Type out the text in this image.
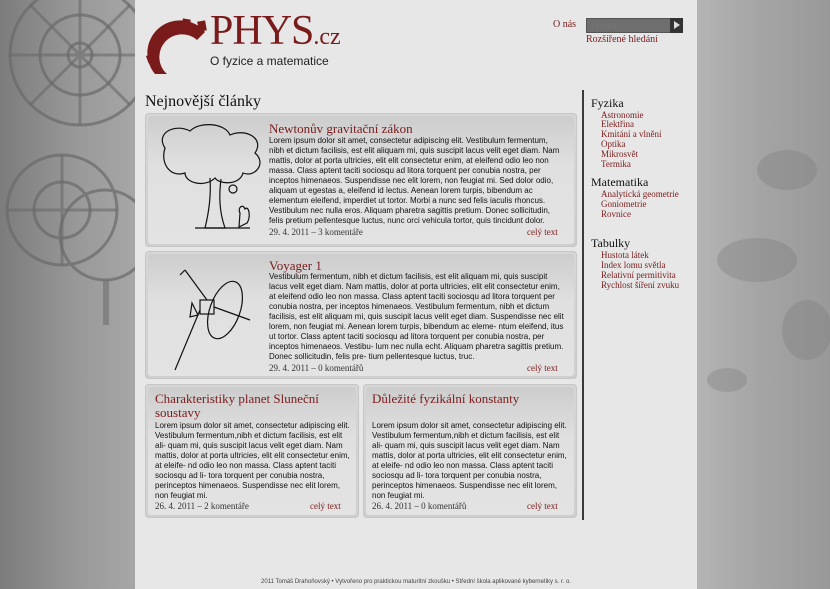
PHYS.cz
O fyzice a matematice
O nás
Hledat...
Rozšířené hledání
Nejnovější články
Newtonův gravitační zákon
Lorem ipsum dolor sit amet, consectetur adipiscing elit. Vestibulum fermentum, nibh et dictum facilisis, est elit aliquam mi, quis suscipit lacus velit eget diam. Nam mattis, dolor at porta ultricies, elit elit consectetur enim, at eleifend odio leo non massa. Class aptent taciti sociosqu ad litora torquent per conubia nostra, per inceptos himenaeos. Suspendisse nec elit lorem, non feugiat mi. Sed dolor odio, aliquam ut egestas a, eleifend id lectus. Aenean lorem turpis, bibendum ac elementum eleifend, imperdiet ut tortor. Morbi a nunc sed felis iaculis rhoncus. Vestibulum nec nulla eros. Aliquam pharetra sagittis pretium. Donec sollicitudin, felis pretium pellentesque luctus, nunc orci vehicula tortor, quis tincidunt dolor.
29. 4. 2011 – 3 komentáře	celý text
Voyager 1
Vestibulum fermentum, nibh et dictum facilisis, est elit aliquam mi, quis suscipit lacus velit eget diam. Nam mattis, dolor at porta ultricies, elit elit consectetur enim, at eleifend odio leo non massa. Class aptent taciti sociosqu ad litora torquent per conubia nostra, per inceptos himenaeos. Vestibulum fermentum, nibh et dictum facilisis, est elit aliquam mi, quis suscipit lacus velit eget diam. Suspendisse nec elit lorem, non feugiat mi. Aenean lorem turpis, bibendum ac eleme- ntum eleifend, itus ut tortor. Class aptent taciti sociosqu ad litora torquent per conubia nostra, per inceptos himenaeos. Vestibu- lum nec nulla echt. Aliquam pharetra sagittis pretium. Donec sollicitudin, felis pre- tium pellentesque luctus, truc.
29. 4. 2011 – 0 komentářů	celý text
Charakteristiky planet Sluneční soustavy
Lorem ipsum dolor sit amet, consectetur adipiscing elit. Vestibulum fermentum,nibh et dictum facilisis, est elit ali- quam mi, quis suscipit lacus velit eget diam. Nam mattis, dolor at porta ultricies, elit elit consectetur enim, at eleife- nd odio leo non massa. Class aptent taciti sociosqu ad li- tora torquent per conubia nostra, perinceptos himenaeos. Suspendisse nec elit lorem, non feugiat mi.
26. 4. 2011 – 2 komentáře	celý text
Důležité fyzikální konstanty
Lorem ipsum dolor sit amet, consectetur adipiscing elit. Vestibulum fermentum,nibh et dictum facilisis, est elit ali- quam mi, quis suscipit lacus velit eget diam. Nam mattis, dolor at porta ultricies, elit elit consectetur enim, at eleife- nd odio leo non massa. Class aptent taciti sociosqu ad li- tora torquent per conubia nostra, perinceptos himenaeos. Suspendisse nec elit lorem, non feugiat mi.
26. 4. 2011 – 0 komentářů	celý text
Fyzika
Astronomie
Elektřina
Kmitání a vlnění
Optika
Mikrosvět
Termika
Matematika
Analytická geometrie
Goniometrie
Rovnice
Tabulky
Hustota látek
Index lomu světla
Relativní permitivita
Rychlost šíření zvuku
2011 Tomáš Drahoňovský • Vytvořeno pro praktickou maturitní zkoušku • Střední škola aplikované kybernetiky s. r. o.
